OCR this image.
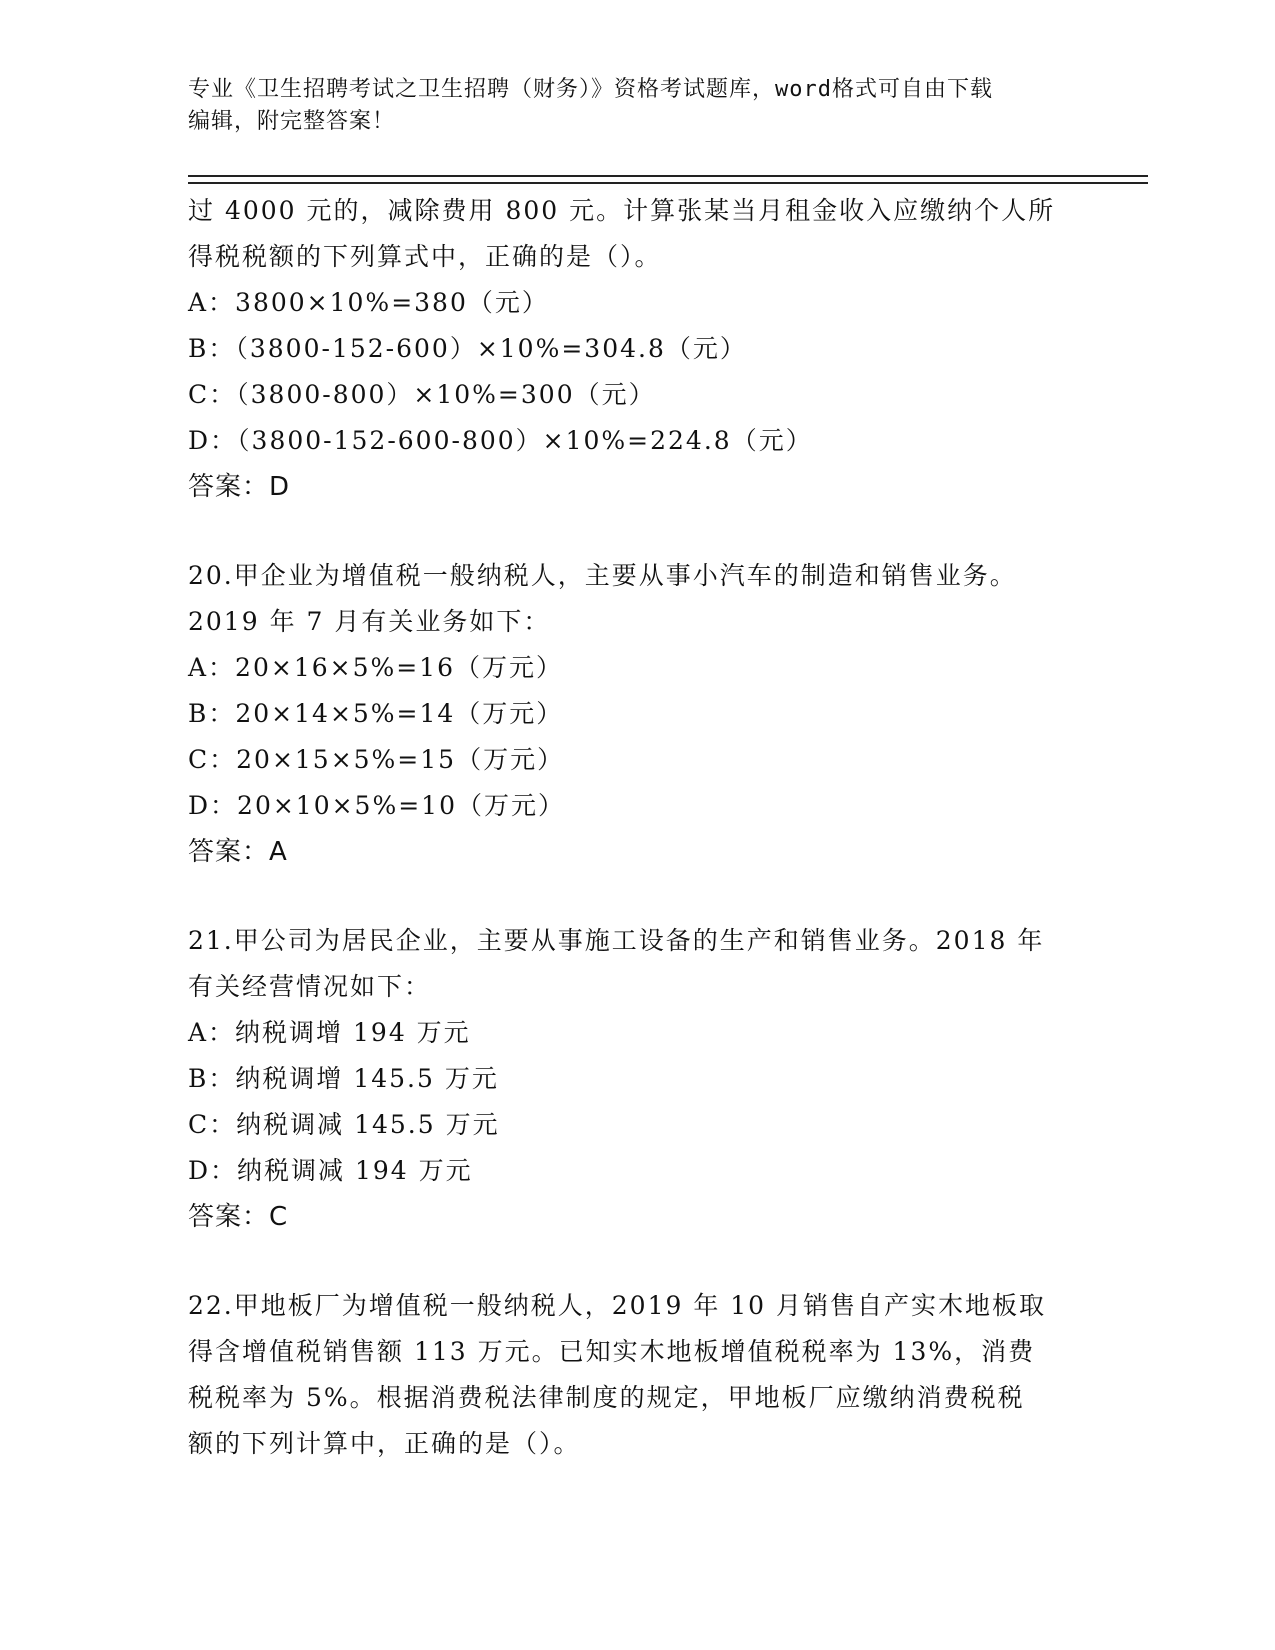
专业《卫生招聘考试之卫生招聘（财务）》资格考试题库，word格式可自由下载
编辑，附完整答案！
过 4000 元的，减除费用 800 元。计算张某当月租金收入应缴纳个人所
得税税额的下列算式中，正确的是（）。
A：3800×10%=380（元）
B：（3800-152-600）×10%=304.8（元）
C：（3800-800）×10%=300（元）
D：（3800-152-600-800）×10%=224.8（元）
答案：D
20.甲企业为增值税一般纳税人，主要从事小汽车的制造和销售业务。
2019 年 7 月有关业务如下：
A：20×16×5%=16（万元）
B：20×14×5%=14（万元）
C：20×15×5%=15（万元）
D：20×10×5%=10（万元）
答案：A
21.甲公司为居民企业，主要从事施工设备的生产和销售业务。2018 年
有关经营情况如下：
A：纳税调增 194 万元
B：纳税调增 145.5 万元
C：纳税调减 145.5 万元
D：纳税调减 194 万元
答案：C
22.甲地板厂为增值税一般纳税人，2019 年 10 月销售自产实木地板取
得含增值税销售额 113 万元。已知实木地板增值税税率为 13%，消费
税税率为 5%。根据消费税法律制度的规定，甲地板厂应缴纳消费税税
额的下列计算中，正确的是（）。
